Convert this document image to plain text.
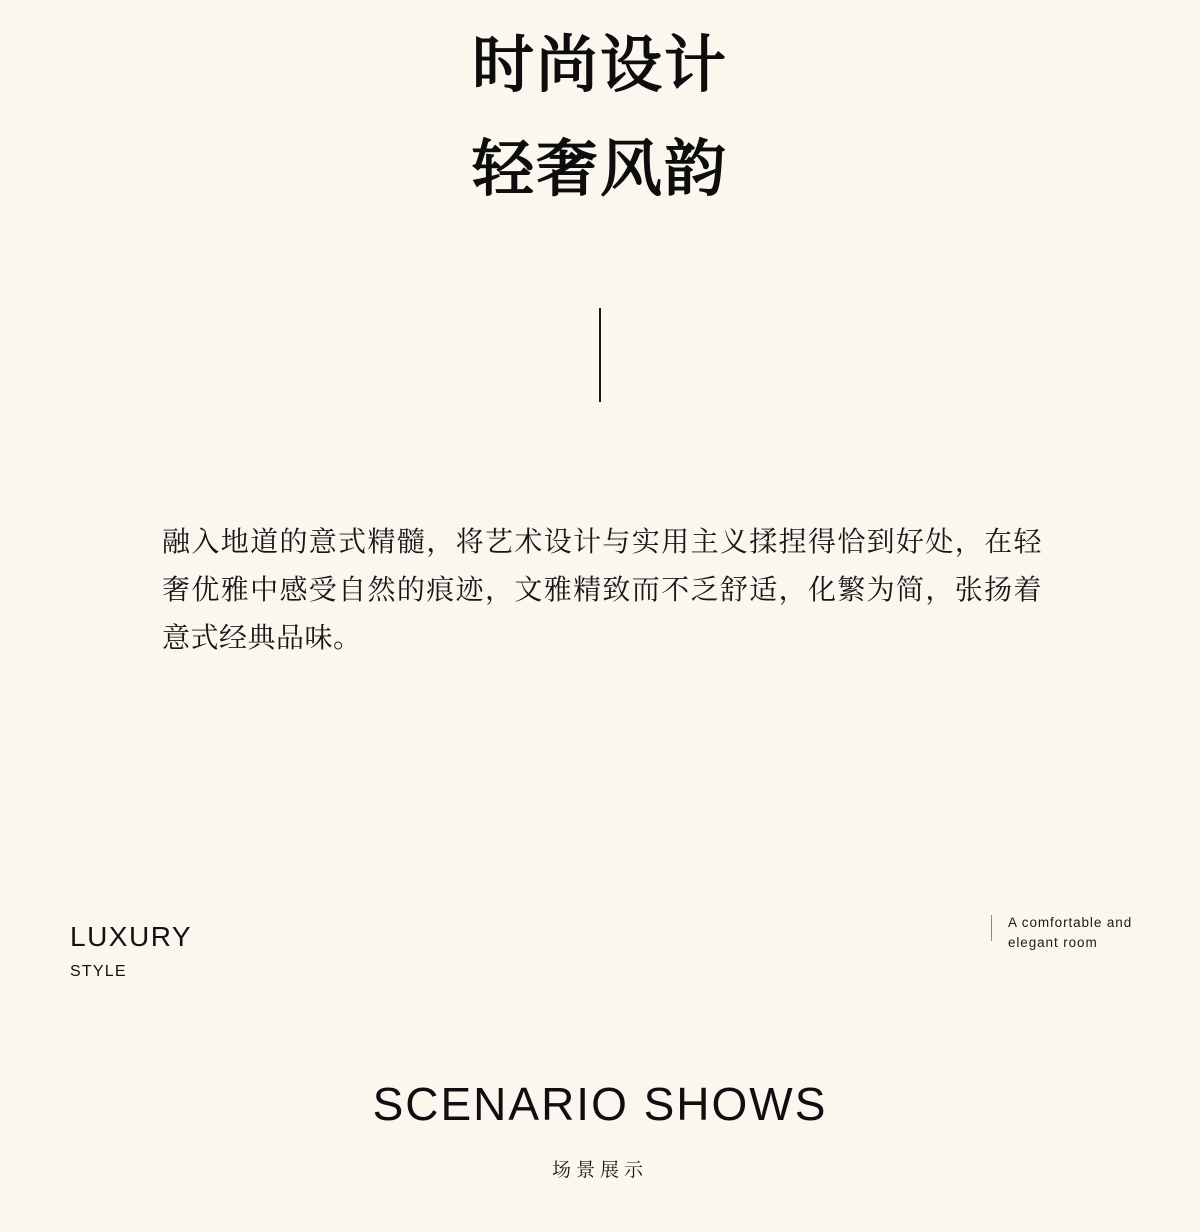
时尚设计
轻奢风韵

融入地道的意式精髓，将艺术设计与实用主义揉捏得恰到好处，在轻奢优雅中感受自然的痕迹，文雅精致而不乏舒适，化繁为简，张扬着意式经典品味。

LUXURY
STYLE
A comfortable and elegant room
SCENARIO SHOWS
场景展示
